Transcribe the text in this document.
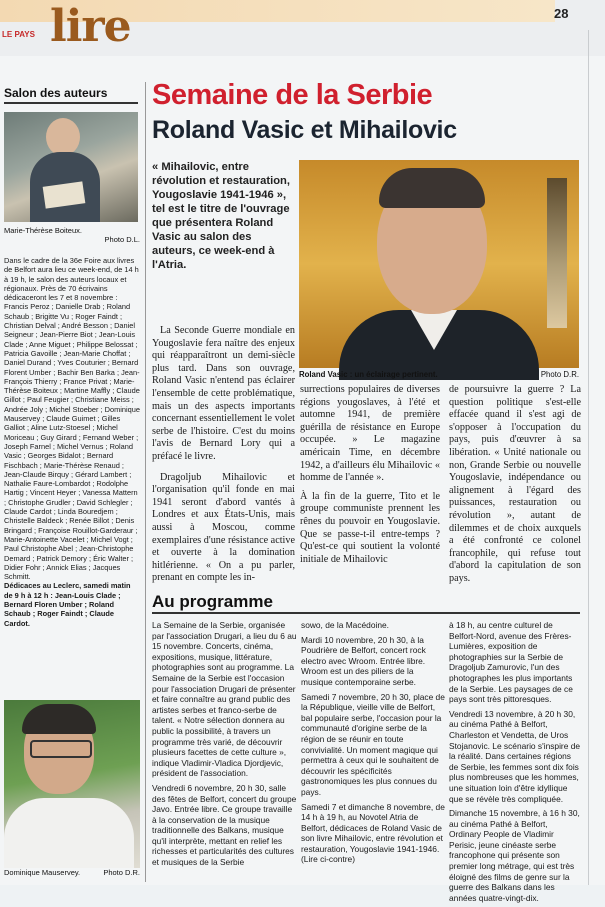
LE PAYS lire	28
Salon des auteurs
Marie-Thérèse Boiteux.
Photo D.L.

Dans le cadre de la 36e Foire aux livres de Belfort aura lieu ce week-end, de 14 h à 19 h, le salon des auteurs locaux et régionaux. Près de 70 écrivains dédicaceront les 7 et 8 novembre : Francis Peroz ; Danielle Drab ; Roland Schaub ; Brigitte Vu ; Roger Faindt ; Christian Delval ; André Besson ; Daniel Seigneur ; Jean-Pierre Biot ; Jean-Louis Clade ; Anne Miguet ; Philippe Belossat ; Patricia Gavoille ; Jean-Marie Choffat ; Daniel Durand ; Yves Couturier ; Bernard Florent Umber ; Bachir Ben Barka ; Jean-François Thierry ; France Privat ; Marie-Thérèse Boiteux ; Martine Maffly ; Claude Gillot ; Paul Feugier ; Christiane Meiss ; Andrée Joly ; Michel Stoeber ; Dominique Mauservey ; Claude Guimet ; Gilles Galliot ; Aline Lutz-Stoesel ; Michel Moriceau ; Guy Girard ; Fernand Weber ; Joseph Farnel ; Michel Vernus ; Roland Vasic ; Georges Bidalot ; Bernard Fischbach ; Marie-Thérèse Renaud ; Jean-Claude Birquy ; Gérard Lambert ; Nathalie Faure-Lombardot ; Rodolphe Hartig ; Vincent Heyer ; Vanessa Mattern ; Christophe Grudler ; David Schlegler ; Claude Cardot ; Linda Bouredjem ; Christelle Baldeck ; Renée Billot ; Denis Bringard ; Françoise Rouillot-Garderaur ; Marie-Antoinette Vacelet ; Michel Vogt ; Paul Christophe Abel ; Jean-Christophe Demard ; Patrick Demory ; Éric Walter ; Didier Fohr ; Annick Elias ; Jacques Schmitt.

Dédicaces au Leclerc, samedi matin de 9 h à 12 h : Jean-Louis Clade ; Bernard Floren Umber ; Roland Schaub ; Roger Faindt ; Claude Cardot.

Dominique Mauservey.	Photo D.R.
Semaine de la Serbie
Roland Vasic et Mihailovic
« Mihailovic, entre révolution et restauration, Yougoslavie 1941-1946 », tel est le titre de l'ouvrage que présentera Roland Vasic au salon des auteurs, ce week-end à l'Atria.
Roland Vasic : un éclairage pertinent.	Photo D.R.

La Seconde Guerre mondiale en Yougoslavie fera naître des enjeux qui réapparaîtront un demi-siècle plus tard. Dans son ouvrage, Roland Vasic n'entend pas éclairer l'ensemble de cette problématique, mais un des aspects importants concernant essentiellement le volet serbe de l'histoire. C'est du moins l'avis de Bernard Lory qui a préfacé le livre.

Dragoljub Mihailovic et l'organisation qu'il fonde en mai 1941 seront d'abord vantés à Londres et aux États-Unis, mais aussi à Moscou, comme exemplaires d'une résistance active et ouverte à la domination hitlérienne. « On a pu parler, prenant en compte les in-

surrections populaires de diverses régions yougoslaves, à l'été et automne 1941, de première guérilla de résistance en Europe occupée. » Le magazine américain Time, en décembre 1942, a d'ailleurs élu Mihailovic « homme de l'année ».

À la fin de la guerre, Tito et le groupe communiste prennent les rênes du pouvoir en Yougoslavie. Que se passe-t-il entre-temps ? Qu'est-ce qui soutient la volonté initiale de Mihailovic

de poursuivre la guerre ? La question politique s'est-elle effacée quand il s'est agi de s'opposer à l'occupation du pays, puis d'œuvrer à sa libération. « Unité nationale ou non, Grande Serbie ou nouvelle Yougoslavie, indépendance ou alignement à l'égard des puissances, restauration ou révolution », autant de dilemmes et de choix auxquels a été confronté ce colonel francophile, qui refuse tout d'abord la capitulation de son pays.

Au programme

La Semaine de la Serbie, organisée par l'association Drugari, a lieu du 6 au 15 novembre. Concerts, cinéma, expositions, musique, littérature, photographies sont au programme. La Semaine de la Serbie est l'occasion pour l'association Drugari de présenter et faire connaître au grand public des artistes serbes et franco-serbe de talent. « Notre sélection donnera au public la possibilité, à travers un programme très varié, de découvrir plusieurs facettes de cette culture », indique Vladimir-Vladica Djordjevic, président de l'association.

Vendredi 6 novembre, 20 h 30, salle des fêtes de Belfort, concert du groupe Javo. Entrée libre. Ce groupe travaille à la conservation de la musique traditionnelle des Balkans, musique qu'il interprète, mettant en relief les richesses et particularités des cultures et musiques de la Serbie

sowo, de la Macédoine.

Mardi 10 novembre, 20 h 30, à la Poudrière de Belfort, concert rock electro avec Wroom. Entrée libre. Wroom est un des piliers de la musique contemporaine serbe.

Samedi 7 novembre, 20 h 30, place de la République, vieille ville de Belfort, bal populaire serbe, l'occasion pour la communauté d'origine serbe de la région de se réunir en toute convivialité. Un moment magique qui permettra à ceux qui le souhaitent de découvrir les spécificités gastronomiques les plus connues du pays.

Samedi 7 et dimanche 8 novembre, de 14 h à 19 h, au Novotel Atria de Belfort, dédicaces de Roland Vasic de son livre Mihailovic, entre révolution et restauration, Yougoslavie 1941-1946. (Lire ci-contre)

à 18 h, au centre culturel de Belfort-Nord, avenue des Frères-Lumières, exposition de photographies sur la Serbie de Dragoljub Zamurovic, l'un des photographes les plus importants de la Serbie. Les paysages de ce pays sont très pittoresques.

Vendredi 13 novembre, à 20 h 30, au cinéma Pathé à Belfort, Charleston et Vendetta, de Uros Stojanovic. Le scénario s'inspire de la réalité. Dans certaines régions de Serbie, les femmes sont dix fois plus nombreuses que les hommes, une situation loin d'être idyllique que se révèle très compliquée.

Dimanche 15 novembre, à 16 h 30, au cinéma Pathé à Belfort, Ordinary People de Vladimir Perisic, jeune cinéaste serbe francophone qui présente son premier long métrage, qui est très éloigné des films de genre sur la guerre des Balkans dans les années quatre-vingt-dix.
